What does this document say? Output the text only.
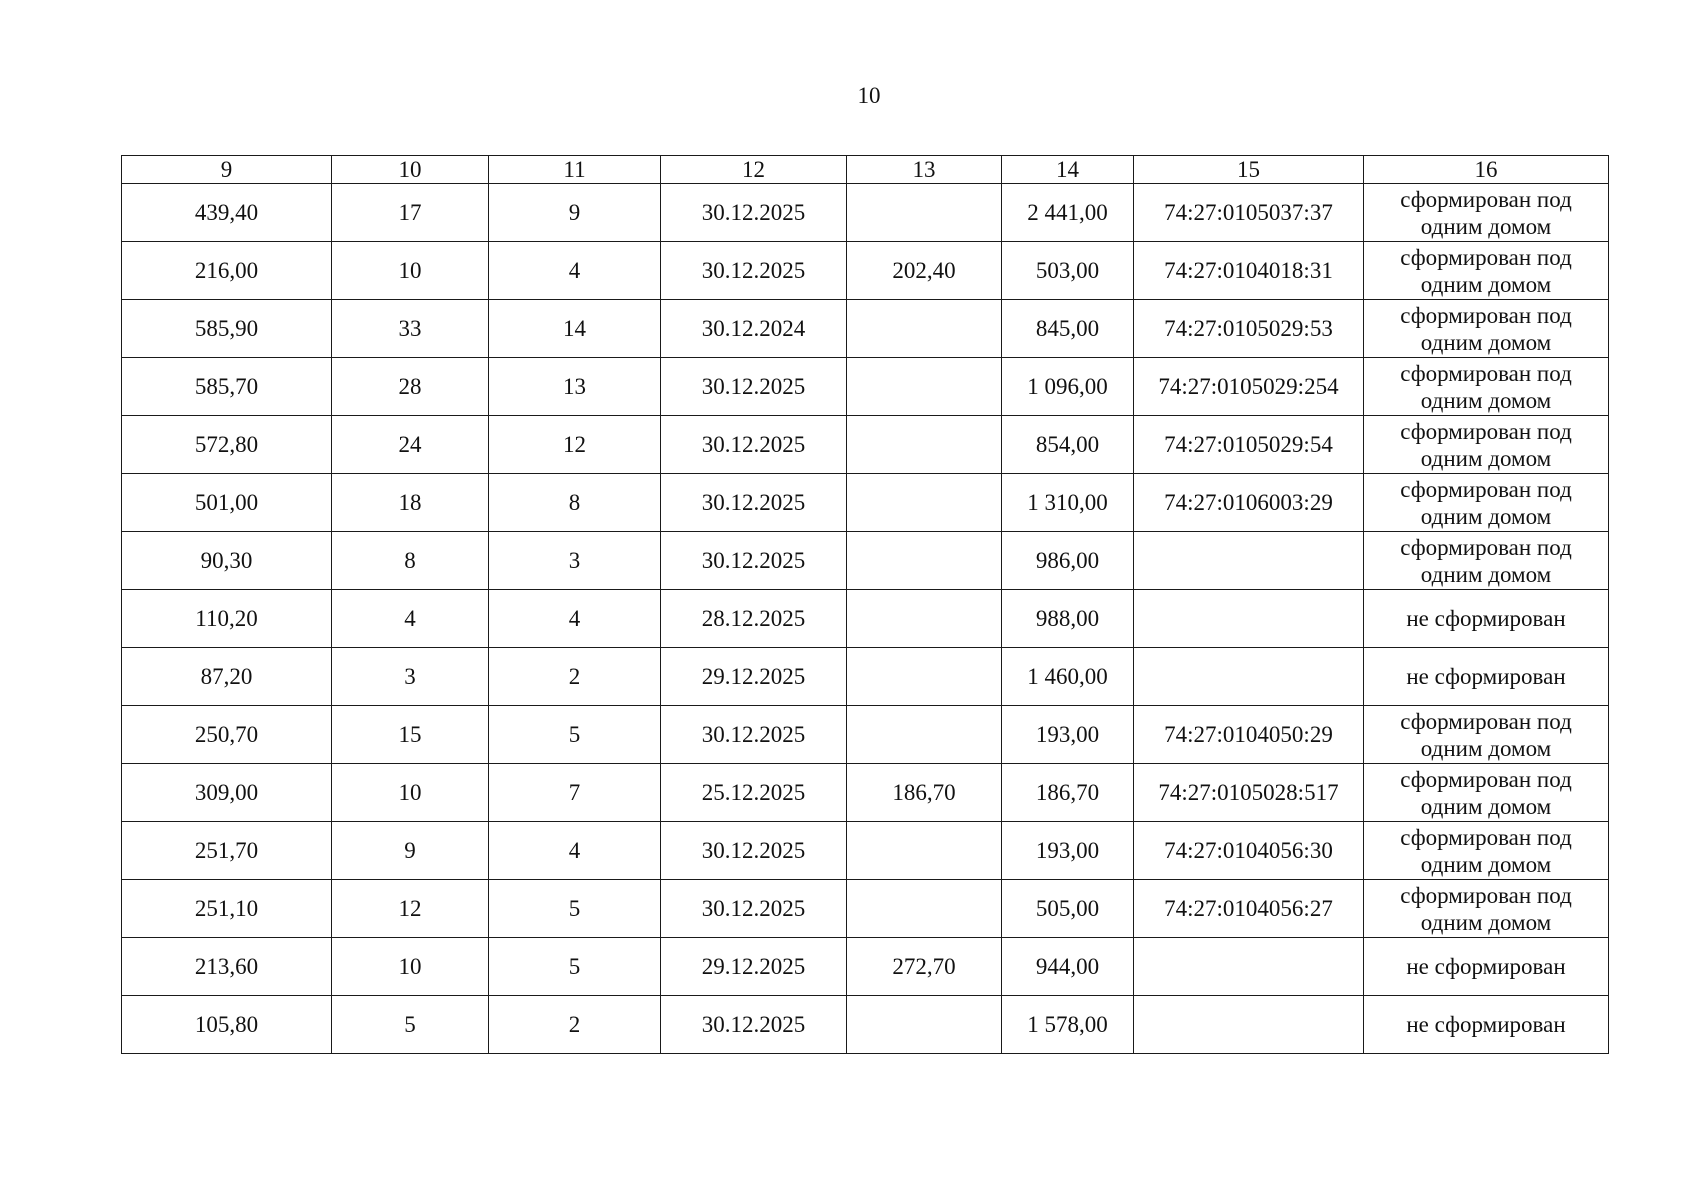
10
9	10	11	12	13	14	15	16
439,40	17	9	30.12.2025		2 441,00	74:27:0105037:37	сформирован под одним домом
216,00	10	4	30.12.2025	202,40	503,00	74:27:0104018:31	сформирован под одним домом
585,90	33	14	30.12.2024		845,00	74:27:0105029:53	сформирован под одним домом
585,70	28	13	30.12.2025		1 096,00	74:27:0105029:254	сформирован под одним домом
572,80	24	12	30.12.2025		854,00	74:27:0105029:54	сформирован под одним домом
501,00	18	8	30.12.2025		1 310,00	74:27:0106003:29	сформирован под одним домом
90,30	8	3	30.12.2025		986,00		сформирован под одним домом
110,20	4	4	28.12.2025		988,00		не сформирован
87,20	3	2	29.12.2025		1 460,00		не сформирован
250,70	15	5	30.12.2025		193,00	74:27:0104050:29	сформирован под одним домом
309,00	10	7	25.12.2025	186,70	186,70	74:27:0105028:517	сформирован под одним домом
251,70	9	4	30.12.2025		193,00	74:27:0104056:30	сформирован под одним домом
251,10	12	5	30.12.2025		505,00	74:27:0104056:27	сформирован под одним домом
213,60	10	5	29.12.2025	272,70	944,00		не сформирован
105,80	5	2	30.12.2025		1 578,00		не сформирован
